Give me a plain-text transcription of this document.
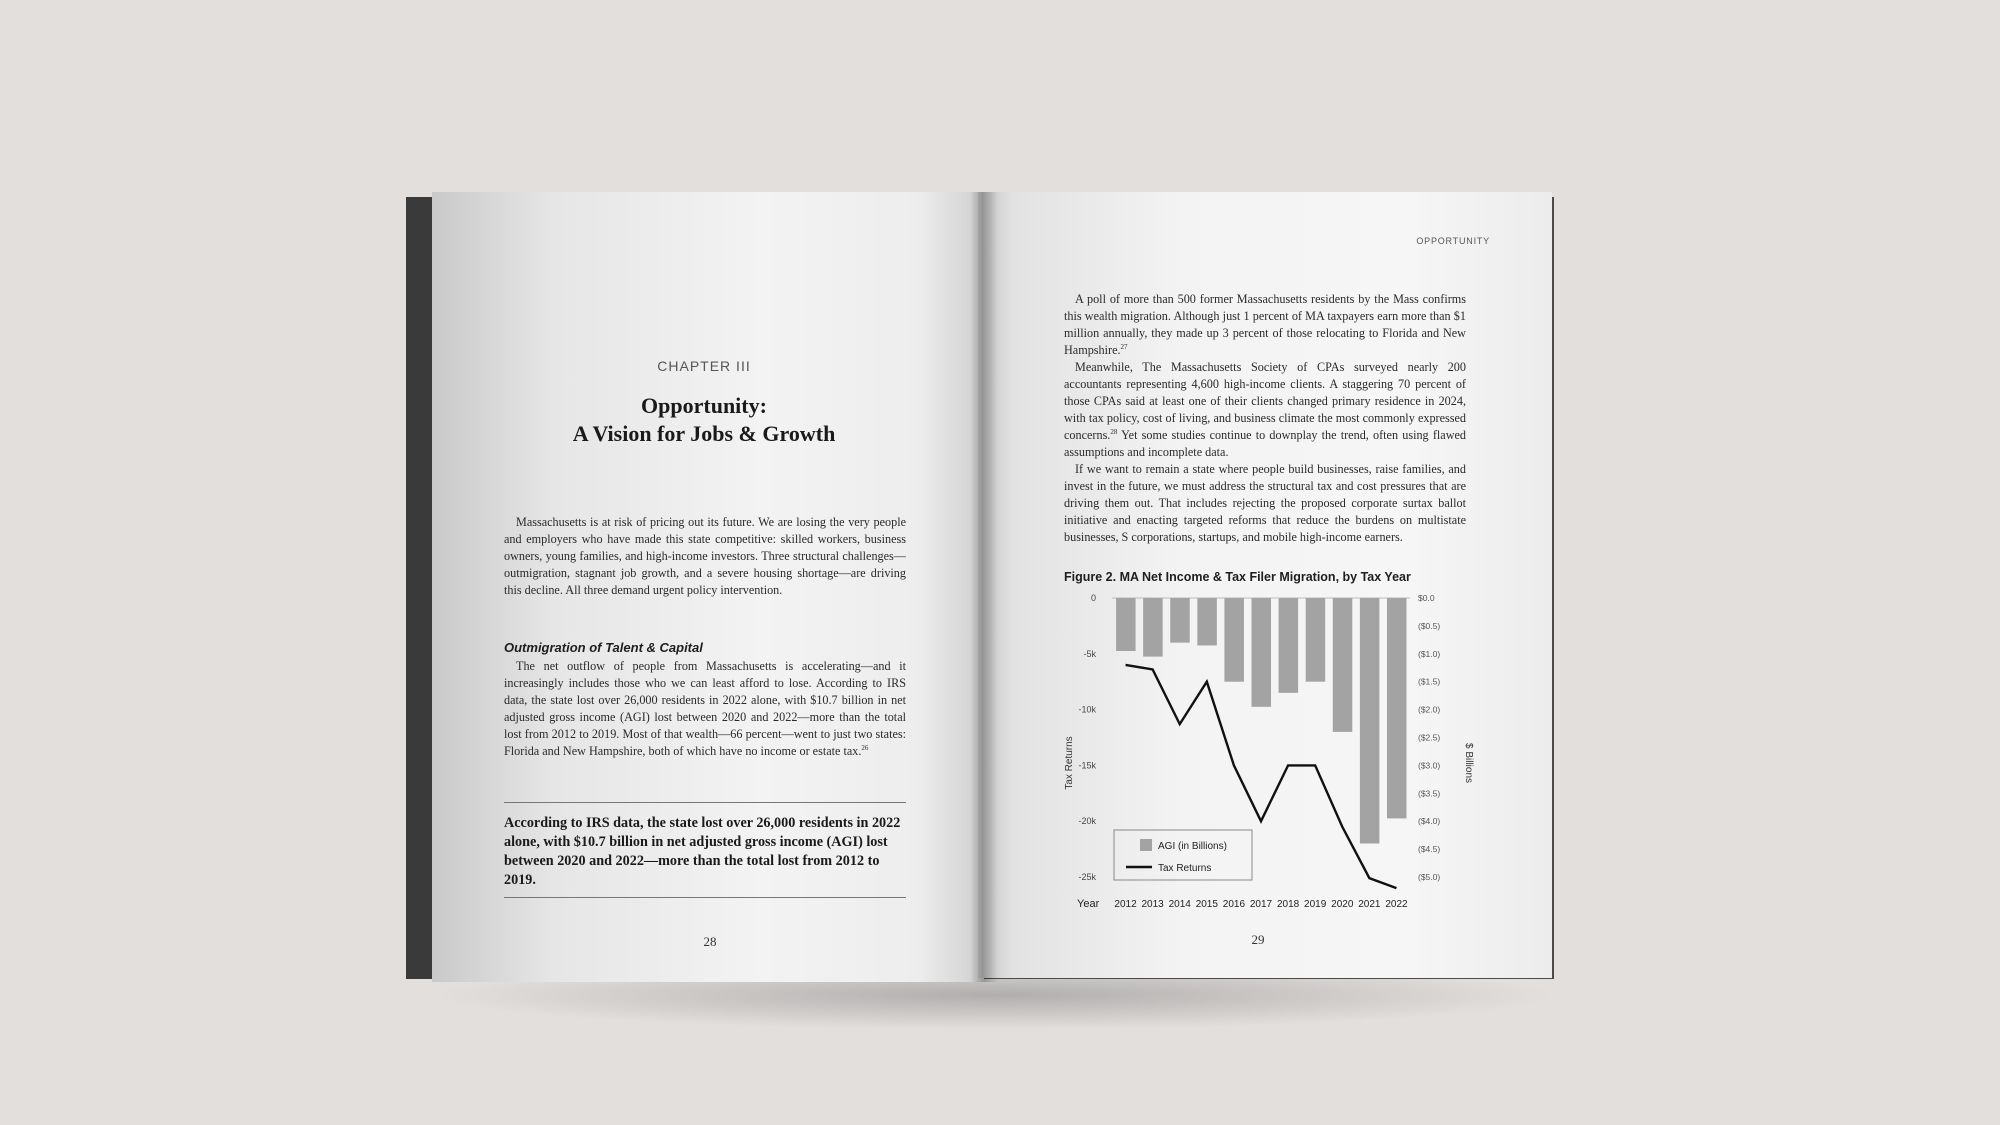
CHAPTER III
Opportunity:
A Vision for Jobs & Growth
Massachusetts is at risk of pricing out its future. We are losing the very people and employers who have made this state competitive: skilled workers, business owners, young families, and high-income investors. Three structural challenges—outmigration, stagnant job growth, and a severe housing shortage—are driving this decline. All three demand urgent policy intervention.
Outmigration of Talent & Capital
The net outflow of people from Massachusetts is accelerating—and it increasingly includes those who we can least afford to lose. According to IRS data, the state lost over 26,000 residents in 2022 alone, with $10.7 billion in net adjusted gross income (AGI) lost between 2020 and 2022—more than the total lost from 2012 to 2019. Most of that wealth—66 percent—went to just two states: Florida and New Hampshire, both of which have no income or estate tax.$^{26}$
According to IRS data, the state lost over 26,000 residents in 2022 alone, with $10.7 billion in net adjusted gross income (AGI) lost between 2020 and 2022—more than the total lost from 2012 to 2019.
28
OPPORTUNITY
A poll of more than 500 former Massachusetts residents by the Mass confirms this wealth migration. Although just 1 percent of MA taxpayers earn more than $1 million annually, they made up 3 percent of those relocating to Florida and New Hampshire.$^{27}$
Meanwhile, The Massachusetts Society of CPAs surveyed nearly 200 accountants representing 4,600 high-income clients. A staggering 70 percent of those CPAs said at least one of their clients changed primary residence in 2024, with tax policy, cost of living, and business climate the most commonly expressed concerns.$^{28}$ Yet some studies continue to downplay the trend, often using flawed assumptions and incomplete data.
If we want to remain a state where people build businesses, raise families, and invest in the future, we must address the structural tax and cost pressures that are driving them out. That includes rejecting the proposed corporate surtax ballot initiative and enacting targeted reforms that reduce the burdens on multistate businesses, S corporations, startups, and mobile high-income earners.
Figure 2. MA Net Income & Tax Filer Migration, by Tax Year
0
-5k
-10k
-15k
-20k
-25k
$0.0
($0.5)
($1.0)
($1.5)
($2.0)
($2.5)
($3.0)
($3.5)
($4.0)
($4.5)
($5.0)
Year 2012 2013 2014 2015 2016 2017 2018 2019 2020 2021 2022
Tax Returns	$ Billions
AGI (in Billions)
Tax Returns
29
